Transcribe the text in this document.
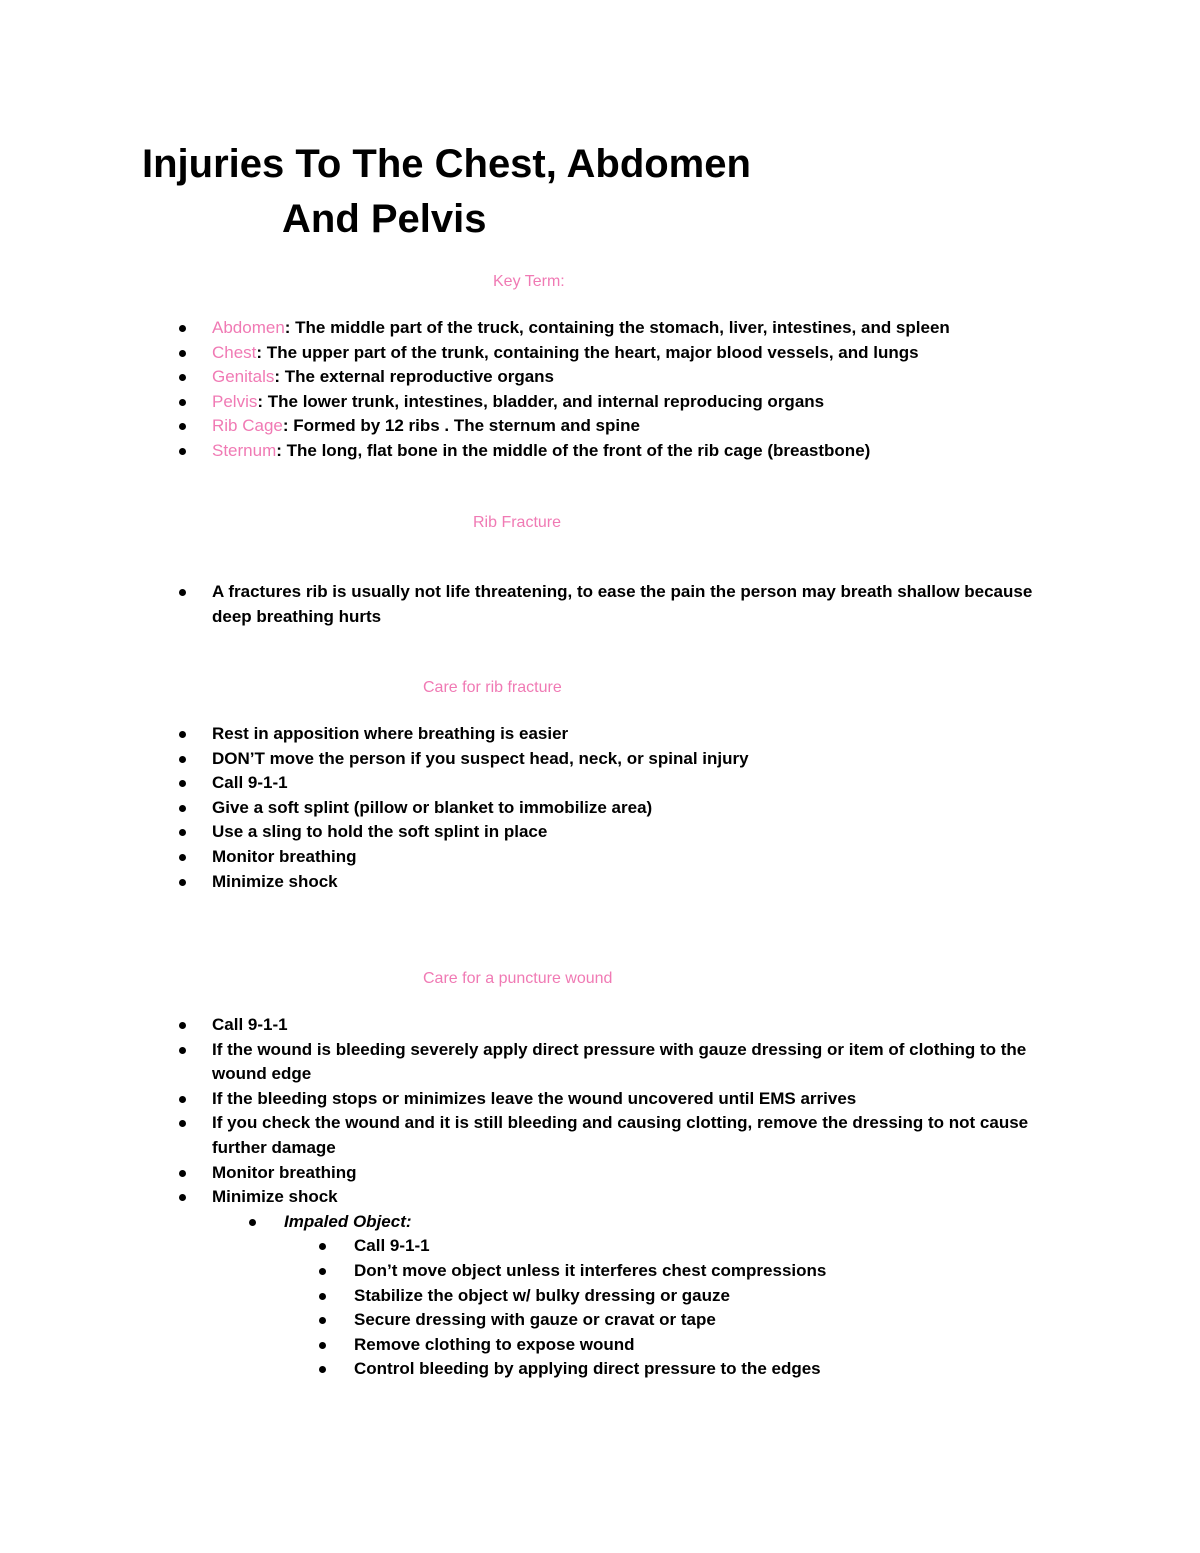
Injuries To The Chest, Abdomen
And Pelvis
Key Term:
Abdomen: The middle part of the truck, containing the stomach, liver, intestines, and spleen
Chest: The upper part of the trunk, containing the heart, major blood vessels, and lungs
Genitals: The external reproductive organs
Pelvis: The lower trunk, intestines, bladder, and internal reproducing organs
Rib Cage: Formed by 12 ribs . The sternum and spine
Sternum: The long, flat bone in the middle of the front of the rib cage (breastbone)
Rib Fracture
A fractures rib is usually not life threatening, to ease the pain the person may breath shallow because deep breathing hurts
Care for rib fracture
Rest in apposition where breathing is easier
DON’T move the person if you suspect head, neck, or spinal injury
Call 9-1-1
Give a soft splint (pillow or blanket to immobilize area)
Use a sling to hold the soft splint in place
Monitor breathing
Minimize shock
Care for a puncture wound
Call 9-1-1
If the wound is bleeding severely apply direct pressure with gauze dressing or item of clothing to the wound edge
If the bleeding stops or minimizes leave the wound uncovered until EMS arrives
If you check the wound and it is still bleeding and causing clotting, remove the dressing to not cause further damage
Monitor breathing
Minimize shock
Impaled Object:
Call 9-1-1
Don’t move object unless it interferes chest compressions
Stabilize the object w/ bulky dressing or gauze
Secure dressing with gauze or cravat or tape
Remove clothing to expose wound
Control bleeding by applying direct pressure to the edges
